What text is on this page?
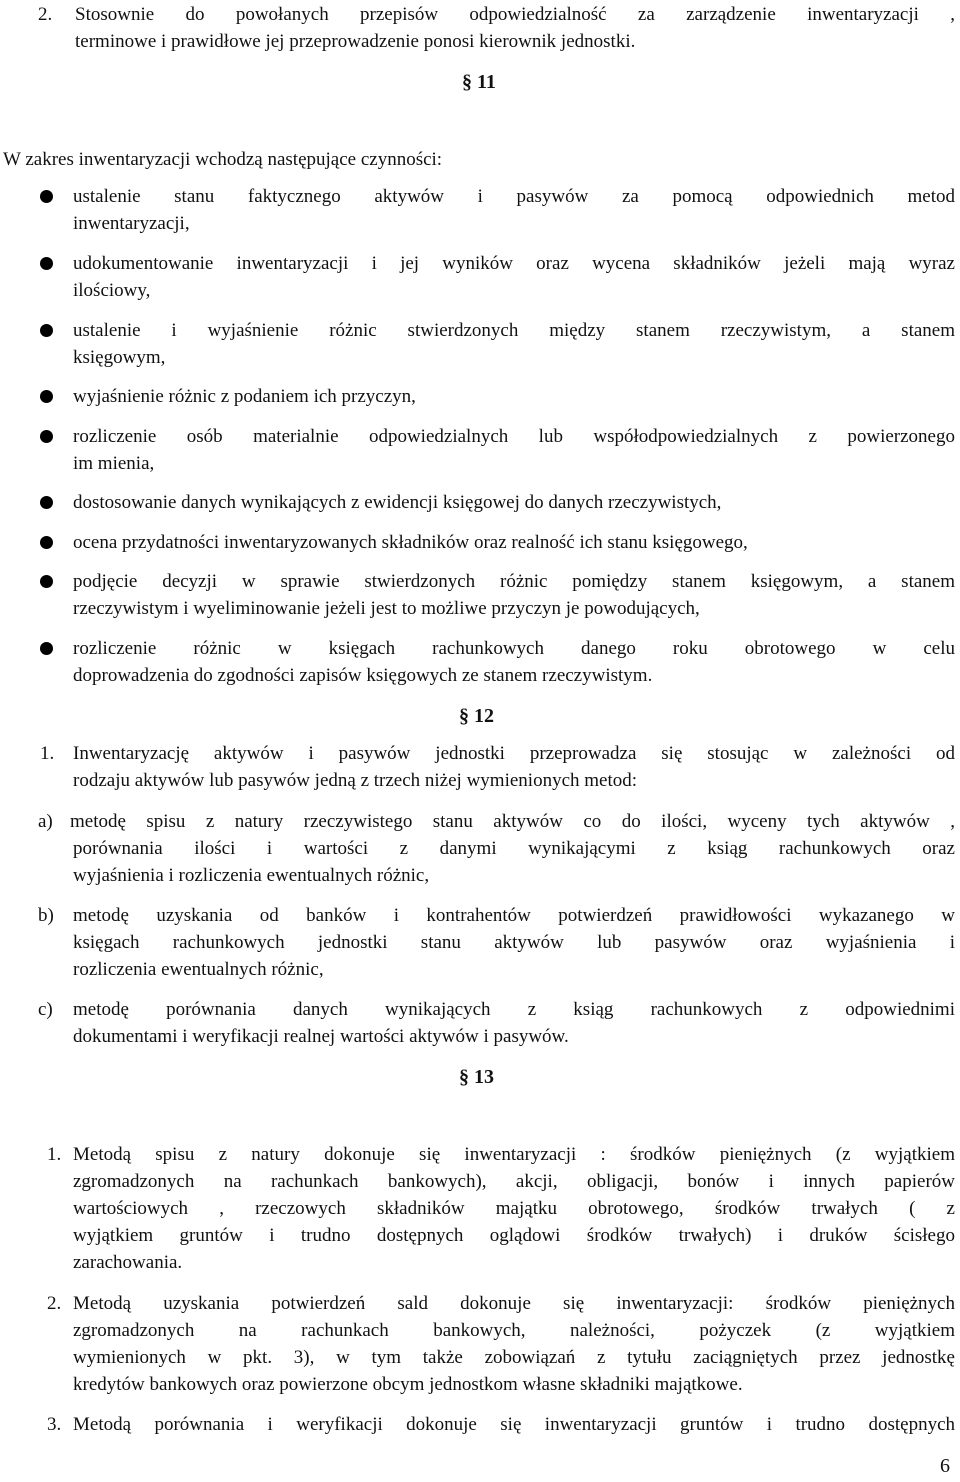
2. Stosownie do powołanych przepisów odpowiedzialność za zarządzenie inwentaryzacji ,
terminowe i prawidłowe jej przeprowadzenie ponosi kierownik jednostki.
§ 11
W zakres inwentaryzacji wchodzą następujące czynności:
ustalenie stanu faktycznego aktywów i pasywów za pomocą odpowiednich metod
inwentaryzacji,
udokumentowanie inwentaryzacji i jej wyników oraz wycena składników jeżeli mają wyraz
ilościowy,
ustalenie i wyjaśnienie różnic stwierdzonych między stanem rzeczywistym, a stanem
księgowym,
wyjaśnienie różnic z podaniem ich przyczyn,
rozliczenie osób materialnie odpowiedzialnych lub współodpowiedzialnych z powierzonego
im mienia,
dostosowanie danych wynikających z ewidencji księgowej do danych rzeczywistych,
ocena przydatności inwentaryzowanych składników oraz realność ich stanu księgowego,
podjęcie decyzji w sprawie stwierdzonych różnic pomiędzy stanem księgowym, a stanem
rzeczywistym i wyeliminowanie jeżeli jest to możliwe przyczyn je powodujących,
rozliczenie różnic w księgach rachunkowych danego roku obrotowego w celu
doprowadzenia do zgodności zapisów księgowych ze stanem rzeczywistym.
§ 12
1. Inwentaryzację aktywów i pasywów jednostki przeprowadza się stosując w zależności od
rodzaju aktywów lub pasywów jedną z trzech niżej wymienionych metod:
a) metodę spisu z natury rzeczywistego stanu aktywów co do ilości, wyceny tych aktywów ,
porównania ilości i wartości z danymi wynikającymi z ksiąg rachunkowych oraz
wyjaśnienia i rozliczenia ewentualnych różnic,
b) metodę uzyskania od banków i kontrahentów potwierdzeń prawidłowości wykazanego w
księgach rachunkowych jednostki stanu aktywów lub pasywów oraz wyjaśnienia i
rozliczenia ewentualnych różnic,
c) metodę porównania danych wynikających z ksiąg rachunkowych z odpowiednimi
dokumentami i weryfikacji realnej wartości aktywów i pasywów.
§ 13
1. Metodą spisu z natury dokonuje się inwentaryzacji : środków pieniężnych (z wyjątkiem
zgromadzonych na rachunkach bankowych), akcji, obligacji, bonów i innych papierów
wartościowych , rzeczowych składników majątku obrotowego, środków trwałych ( z
wyjątkiem gruntów i trudno dostępnych oglądowi środków trwałych) i druków ścisłego
zarachowania.
2. Metodą uzyskania potwierdzeń sald dokonuje się inwentaryzacji: środków pieniężnych
zgromadzonych na rachunkach bankowych, należności, pożyczek (z wyjątkiem
wymienionych w pkt. 3), w tym także zobowiązań z tytułu zaciągniętych przez jednostkę
kredytów bankowych oraz powierzone obcym jednostkom własne składniki majątkowe.
3. Metodą porównania i weryfikacji dokonuje się inwentaryzacji gruntów i trudno dostępnych
6
